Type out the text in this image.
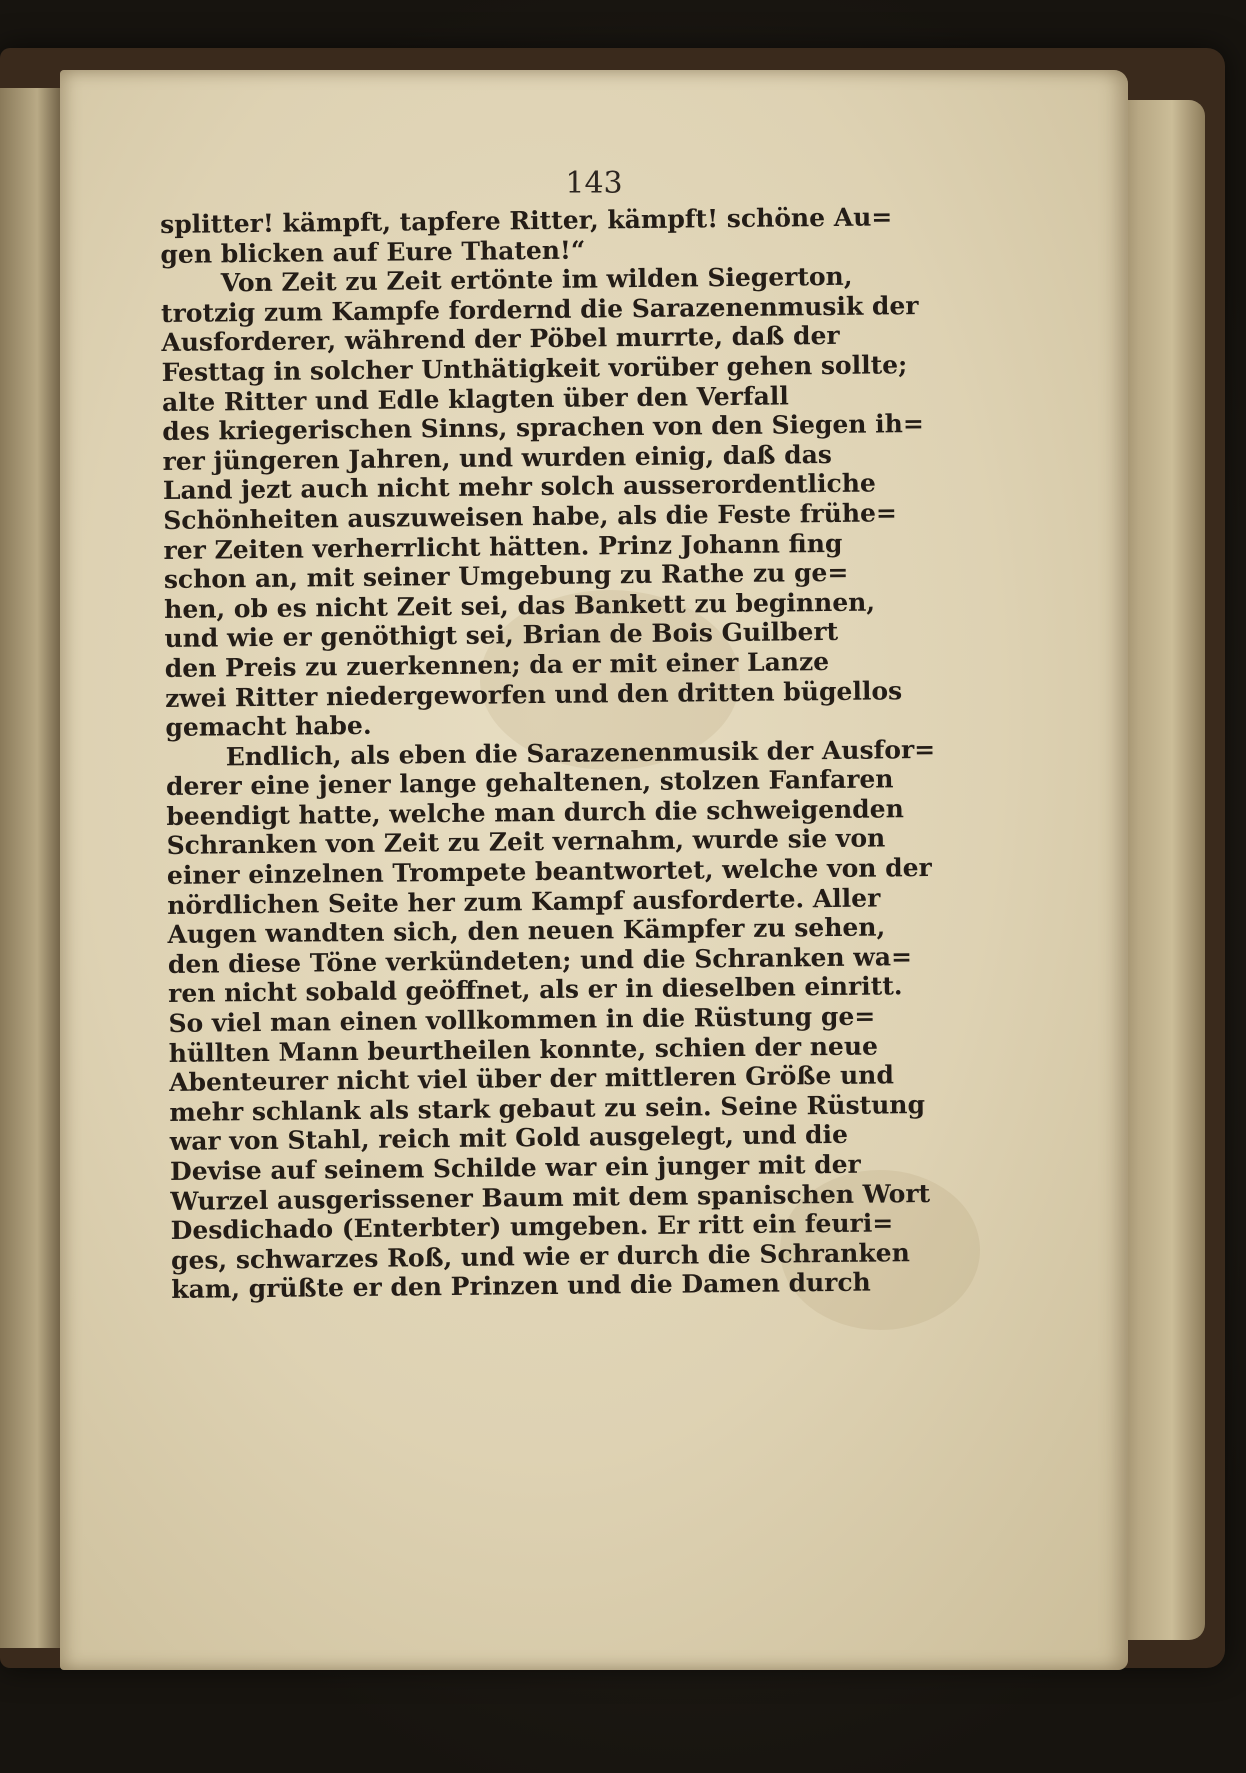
143
splitter! kämpft, tapfere Ritter, kämpft! schöne Au=
gen blicken auf Eure Thaten!“
Von Zeit zu Zeit ertönte im wilden Siegerton,
trotzig zum Kampfe fordernd die Sarazenenmusik der
Ausforderer, während der Pöbel murrte, daß der
Festtag in solcher Unthätigkeit vorüber gehen sollte;
alte Ritter und Edle klagten über den Verfall
des kriegerischen Sinns, sprachen von den Siegen ih=
rer jüngeren Jahren, und wurden einig, daß das
Land jezt auch nicht mehr solch ausserordentliche
Schönheiten auszuweisen habe, als die Feste frühe=
rer Zeiten verherrlicht hätten. Prinz Johann fing
schon an, mit seiner Umgebung zu Rathe zu ge=
hen, ob es nicht Zeit sei, das Bankett zu beginnen,
und wie er genöthigt sei, Brian de Bois Guilbert
den Preis zu zuerkennen; da er mit einer Lanze
zwei Ritter niedergeworfen und den dritten bügellos
gemacht habe.
Endlich, als eben die Sarazenenmusik der Ausfor=
derer eine jener lange gehaltenen, stolzen Fanfaren
beendigt hatte, welche man durch die schweigenden
Schranken von Zeit zu Zeit vernahm, wurde sie von
einer einzelnen Trompete beantwortet, welche von der
nördlichen Seite her zum Kampf ausforderte. Aller
Augen wandten sich, den neuen Kämpfer zu sehen,
den diese Töne verkündeten; und die Schranken wa=
ren nicht sobald geöffnet, als er in dieselben einritt.
So viel man einen vollkommen in die Rüstung ge=
hüllten Mann beurtheilen konnte, schien der neue
Abenteurer nicht viel über der mittleren Größe und
mehr schlank als stark gebaut zu sein. Seine Rüstung
war von Stahl, reich mit Gold ausgelegt, und die
Devise auf seinem Schilde war ein junger mit der
Wurzel ausgerissener Baum mit dem spanischen Wort
Desdichado (Enterbter) umgeben. Er ritt ein feuri=
ges, schwarzes Roß, und wie er durch die Schranken
kam, grüßte er den Prinzen und die Damen durch
